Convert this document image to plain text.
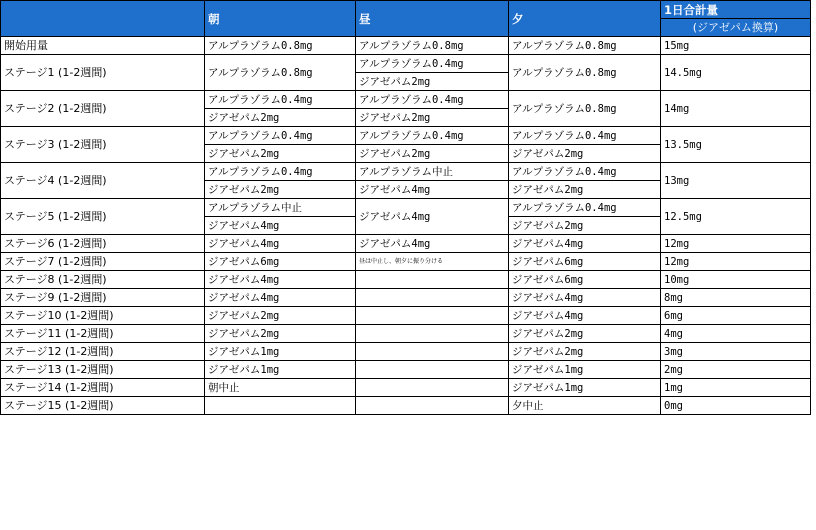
	朝	昼	夕	1日合計量
				(ジアゼパム換算)
開始用量	アルプラゾラム0.8mg	アルプラゾラム0.8mg	アルプラゾラム0.8mg	15mg
ステージ1 (1-2週間)	アルプラゾラム0.8mg	アルプラゾラム0.4mg	アルプラゾラム0.8mg	14.5mg
		ジアゼパム2mg		
ステージ2 (1-2週間)	アルプラゾラム0.4mg	アルプラゾラム0.4mg	アルプラゾラム0.8mg	14mg
	ジアゼパム2mg	ジアゼパム2mg		
ステージ3 (1-2週間)	アルプラゾラム0.4mg	アルプラゾラム0.4mg	アルプラゾラム0.4mg	13.5mg
	ジアゼパム2mg	ジアゼパム2mg	ジアゼパム2mg	
ステージ4 (1-2週間)	アルプラゾラム0.4mg	アルプラゾラム中止	アルプラゾラム0.4mg	13mg
	ジアゼパム2mg	ジアゼパム4mg	ジアゼパム2mg	
ステージ5 (1-2週間)	アルプラゾラム中止	ジアゼパム4mg	アルプラゾラム0.4mg	12.5mg
	ジアゼパム4mg		ジアゼパム2mg	
ステージ6 (1-2週間)	ジアゼパム4mg	ジアゼパム4mg	ジアゼパム4mg	12mg
ステージ7 (1-2週間)	ジアゼパム6mg	昼は中止し、朝夕に振り分ける	ジアゼパム6mg	12mg
ステージ8 (1-2週間)	ジアゼパム4mg		ジアゼパム6mg	10mg
ステージ9 (1-2週間)	ジアゼパム4mg		ジアゼパム4mg	8mg
ステージ10 (1-2週間)	ジアゼパム2mg		ジアゼパム4mg	6mg
ステージ11 (1-2週間)	ジアゼパム2mg		ジアゼパム2mg	4mg
ステージ12 (1-2週間)	ジアゼパム1mg		ジアゼパム2mg	3mg
ステージ13 (1-2週間)	ジアゼパム1mg		ジアゼパム1mg	2mg
ステージ14 (1-2週間)	朝中止		ジアゼパム1mg	1mg
ステージ15 (1-2週間)			夕中止	0mg
